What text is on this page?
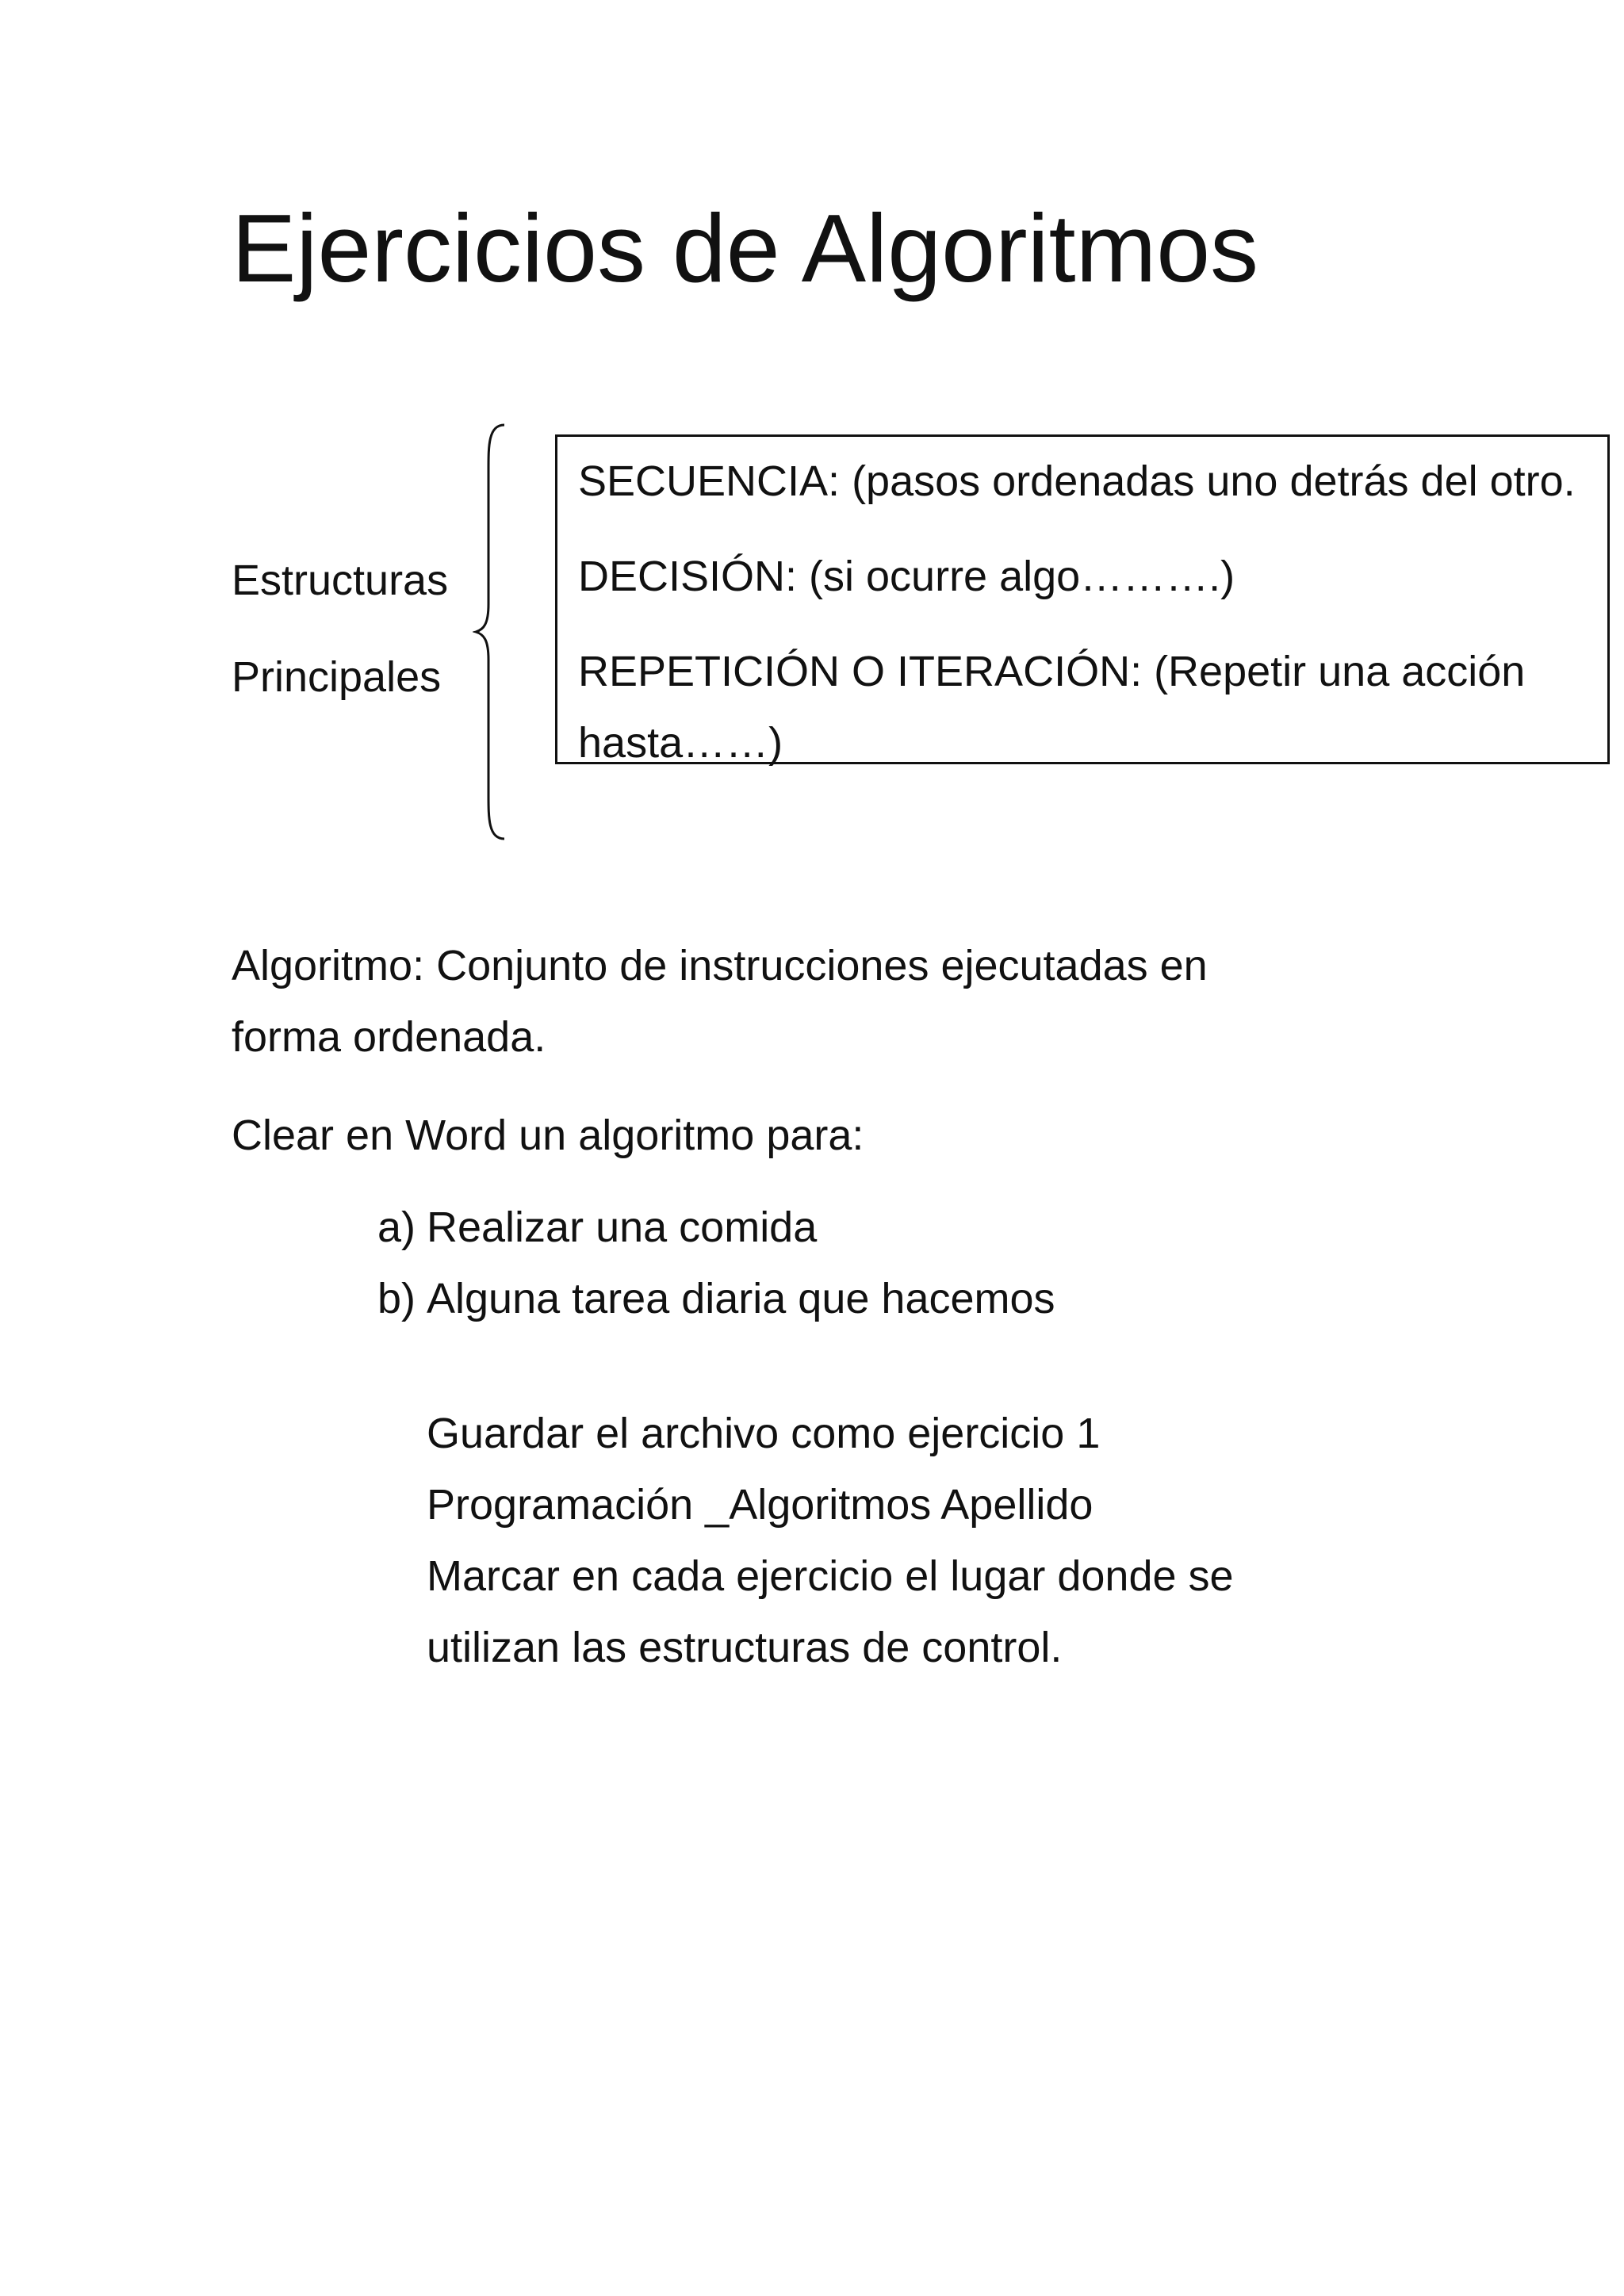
Ejercicios de Algoritmos
Estructuras
Principales
SECUENCIA: (pasos ordenadas uno detrás del otro.
DECISIÓN: (si ocurre algo……….)
REPETICIÓN O ITERACIÓN: (Repetir una acción
hasta……)
Algoritmo: Conjunto de instrucciones ejecutadas en
forma ordenada.
Clear en Word un algoritmo para:
a) Realizar una comida
b) Alguna tarea diaria que hacemos
Guardar el archivo como ejercicio 1
Programación _Algoritmos Apellido
Marcar en cada ejercicio el lugar donde se
utilizan las estructuras de control.
